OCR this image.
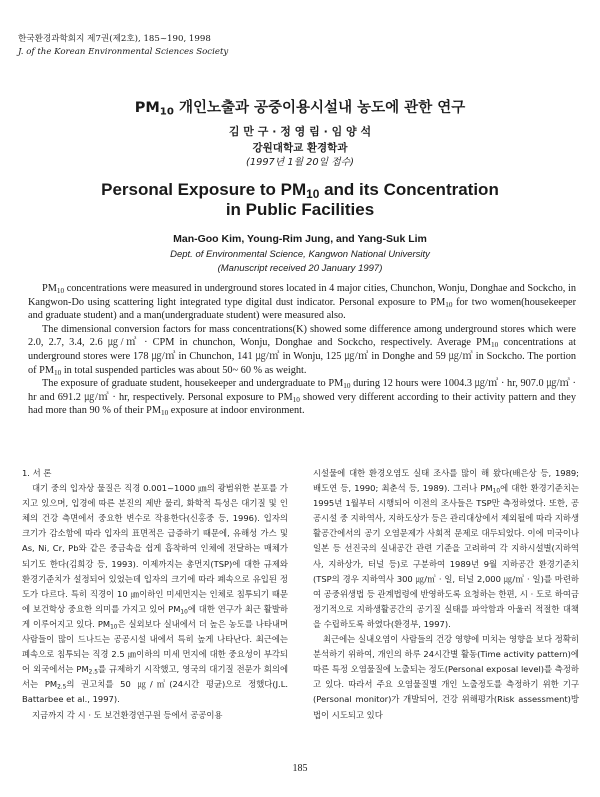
한국환경과학회지 제7권(제2호), 185~190, 1998
J. of the Korean Environmental Sciences Society
$PM_{10}$ 개인노출과 공중이용시설내 농도에 관한 연구
김 만 구 · 정 영 림 · 임 양 석
강원대학교 환경학과
(1997년 1월 20일 접수)
Personal Exposure to $PM_{10}$ and its Concentration
in Public Facilities
Man-Goo Kim, Young-Rim Jung, and Yang-Suk Lim
Dept. of Environmental Science, Kangwon National University
(Manuscript received 20 January 1997)

$PM_{10}$ concentrations were measured in underground stores located in 4 major cities, Chunchon, Wonju, Donghae and Sockcho, in Kangwon-Do using scattering light integrated type digital dust indicator. Personal exposure to $PM_{10}$ for two women(housekeeper and graduate student) and a man(undergraduate student) were measured also.

The dimensional conversion factors for mass concentrations(K) showed some difference among underground stores which were 2.0, 2.7, 3.4, 2.6 ㎍/㎥ · CPM in chunchon, Wonju, Donghae and Sockcho, respectively. Average $PM_{10}$ concentrations at underground stores were 178 ㎍/㎥ in Chunchon, 141 ㎍/㎥ in Wonju, 125 ㎍/㎥ in Donghe and 59 ㎍/㎥ in Sockcho. The portion of $PM_{10}$ in total suspended particles was about 50~ 60 % as weight.

The exposure of graduate student, housekeeper and undergraduate to $PM_{10}$ during 12 hours were 1004.3 ㎍/㎥ · hr, 907.0 ㎍/㎥ · hr and 691.2 ㎍/㎥ · hr, respectively. Personal exposure to $PM_{10}$ showed very different according to their activity pattern and they had more than 90 % of their $PM_{10}$ exposure at indoor environment.

1. 서 론

대기 중의 입자상 물질은 직경 0.001~1000 ㎛의 광범위한 분포를 가지고 있으며, 입경에 따른 분진의 제반 물리, 화학적 특성은 대기질 및 인체의 건강 측면에서 중요한 변수로 작용한다(신홍중 등, 1996). 입자의 크기가 감소함에 따라 입자의 표면적은 급증하기 때문에, 유해성 가스 및 As, Ni, Cr, Pb와 같은 중금속을 쉽게 흡착하여 인체에 전달하는 매체가 되기도 한다(김희강 등, 1993). 이제까지는 총먼지(TSP)에 대한 규제와 환경기준치가 설정되어 있었는데 입자의 크기에 따라 폐속으로 유입된 정도가 다르다. 특히 직경이 10 ㎛이하인 미세먼지는 인체로 침투되기 때문에 보건학상 중요한 의미를 가지고 있어 $PM_{10}$에 대한 연구가 최근 활발하게 이루어지고 있다. $PM_{10}$은 실외보다 실내에서 더 높은 농도를 나타내며 사람들이 많이 드나드는 공공시설 내에서 특히 높게 나타난다. 최근에는 폐속으로 침투되는 직경 2.5 ㎛이하의 미세 먼지에 대한 중요성이 부각되어 외국에서는 $PM_{2.5}$를 규제하기 시작했고, 영국의 대기질 전문가 회의에서는 $PM_{2.5}$의 권고치를 50 ㎍/㎥(24시간 평균)으로 정했다(J.L. Battarbee et al., 1997).

지금까지 각 시 · 도 보건환경연구원 등에서 공공이용

시설물에 대한 환경오염도 실태 조사를 많이 해 왔다(배은상 등, 1989; 배도연 등, 1990; 최춘석 등, 1989). 그러나 $PM_{10}$에 대한 환경기준치는 1995년 1월부터 시행되어 이전의 조사들은 TSP만 측정하였다. 또한, 공공시설 중 지하역사, 지하도상가 등은 관리대상에서 제외될에 따라 지하생활공간에서의 공기 오염문제가 사회적 문제로 대두되었다. 이에 미국이나 일본 등 선진국의 실내공간 관련 기준을 고려하여 각 지하시설별(지하역사, 지하상가, 터널 등)로 구분하여 1989년 9월 지하공간 환경기준치(TSP의 경우 지하역사 300 ㎍/㎥ · 일, 터널 2,000 ㎍/㎥ · 일)를 마련하여 공중위생법 등 관계법령에 반영하도록 요청하는 한편, 시 · 도로 하여금 정기적으로 지하생활공간의 공기질 실태를 파악함과 아울러 적절한 대책을 수립하도록 하였다(환경부, 1997).

최근에는 실내오염이 사람들의 건강 영향에 미치는 영향을 보다 정확히 분석하기 위하여, 개인의 하루 24시간별 활동(Time activity pattern)에 따른 특정 오염물질에 노출되는 정도(Personal exposal level)를 측정하고 있다. 따라서 주요 오염물질별 개인 노출정도를 측정하기 위한 기구(Personal monitor)가 개발되어, 건강 위해평가(Risk assessment)방법이 시도되고 있다

185
